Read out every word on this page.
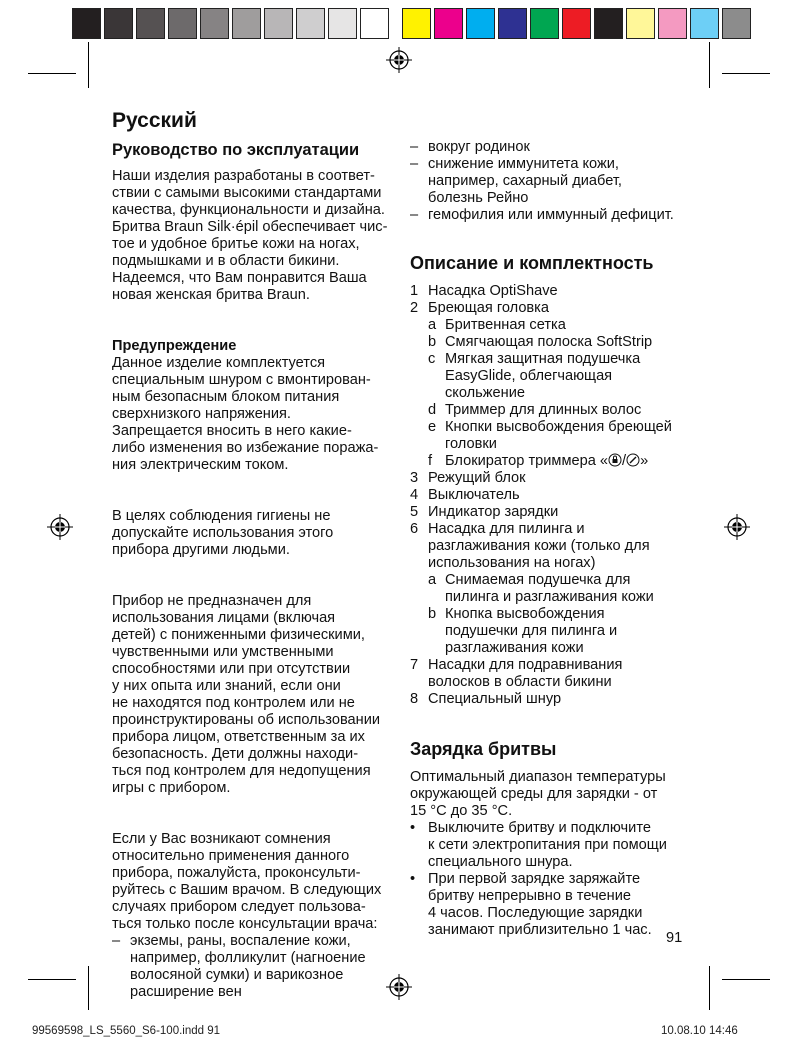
Русский
Руководство по эксплуатации
Наши изделия разработаны в соответ-
ствии с самыми высокими стандартами
качества, функциональности и дизайна.
Бритва Braun Silk·épil обеспечивает чис-
тое и удобное бритье кожи на ногах,
подмышками и в области бикини.
Надеемся, что Вам понравится Ваша
новая женская бритва Braun.
Предупреждение
Данное изделие комплектуется
специальным шнуром с вмонтирован-
ным безопасным блоком питания
сверхнизкого напряжения.
Запрещается вносить в него какие-
либо изменения во избежание поража-
ния электрическим током.
В целях соблюдения гигиены не
допускайте использования этого
прибора другими людьми.
Прибор не предназначен для
использования лицами (включая
детей) с пониженными физическими,
чувственными или умственными
способностями или при отсутствии
у них опыта или знаний, если они
не находятся под контролем или не
проинструктированы об использовании
прибора лицом, ответственным за их
безопасность. Дети должны находи-
ться под контролем для недопущения
игры с прибором.
Если у Вас возникают сомнения
относительно применения данного
прибора, пожалуйста, проконсульти-
руйтесь с Вашим врачом. В следующих
случаях прибором следует пользова-
ться только после консультации врача:
– экземы, раны, воспаление кожи,
например, фолликулит (нагноение
волосяной сумки) и варикозное
расширение вен
– вокруг родинок
– снижение иммунитета кожи,
например, сахарный диабет,
болезнь Рейно
– гемофилия или иммунный дефицит.
Описание и комплектность
1 Насадка OptiShave
2 Бреющая головка
a Бритвенная сетка
b Смягчающая полоска SoftStrip
c Мягкая защитная подушечка
EasyGlide, облегчающая
скольжение
d Триммер для длинных волос
e Кнопки высвобождения бреющей
головки
f Блокиратор триммера « / »
3 Режущий блок
4 Выключатель
5 Индикатор зарядки
6 Насадка для пилинга и
разглаживания кожи (только для
использования на ногах)
a Снимаемая подушечка для
пилинга и разглаживания кожи
b Кнопка высвобождения
подушечки для пилинга и
разглаживания кожи
7 Насадки для подравнивания
волосков в области бикини
8 Специальный шнур
Зарядка бритвы
Оптимальный диапазон температуры
окружающей среды для зарядки - от
15 °C до 35 °C.
• Выключите бритву и подключите
к сети электропитания при помощи
специального шнура.
• При первой зарядке заряжайте
бритву непрерывно в течение
4 часов. Последующие зарядки
занимают приблизительно 1 час. 91
99569598_LS_5560_S6-100.indd 91	10.08.10 14:46
